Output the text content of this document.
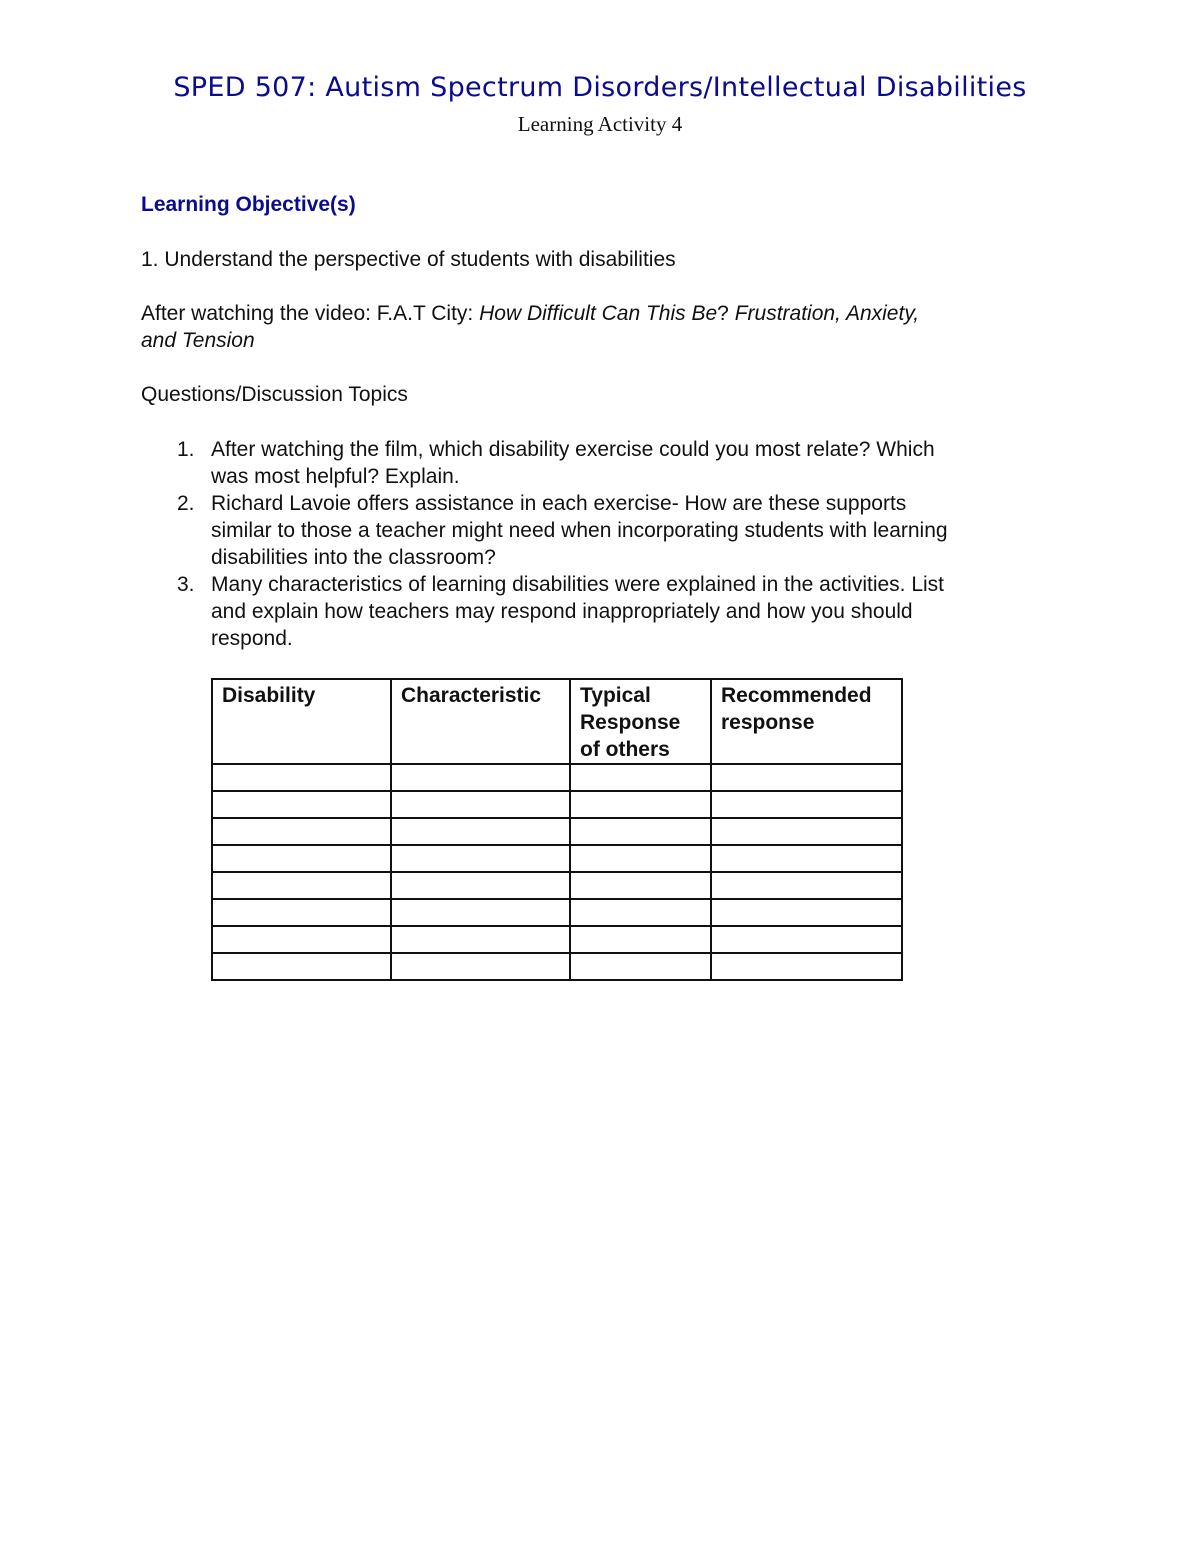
SPED 507: Autism Spectrum Disorders/Intellectual Disabilities
Learning Activity 4
Learning Objective(s)
1. Understand the perspective of students with disabilities
After watching the video: F.A.T City: How Difficult Can This Be? Frustration, Anxiety,
and Tension
Questions/Discussion Topics
1. After watching the film, which disability exercise could you most relate? Which
was most helpful? Explain.
2. Richard Lavoie offers assistance in each exercise- How are these supports
similar to those a teacher might need when incorporating students with learning
disabilities into the classroom?
3. Many characteristics of learning disabilities were explained in the activities. List
and explain how teachers may respond inappropriately and how you should
respond.
Disability	Characteristic	Typical
Response
of others	Recommended
response
